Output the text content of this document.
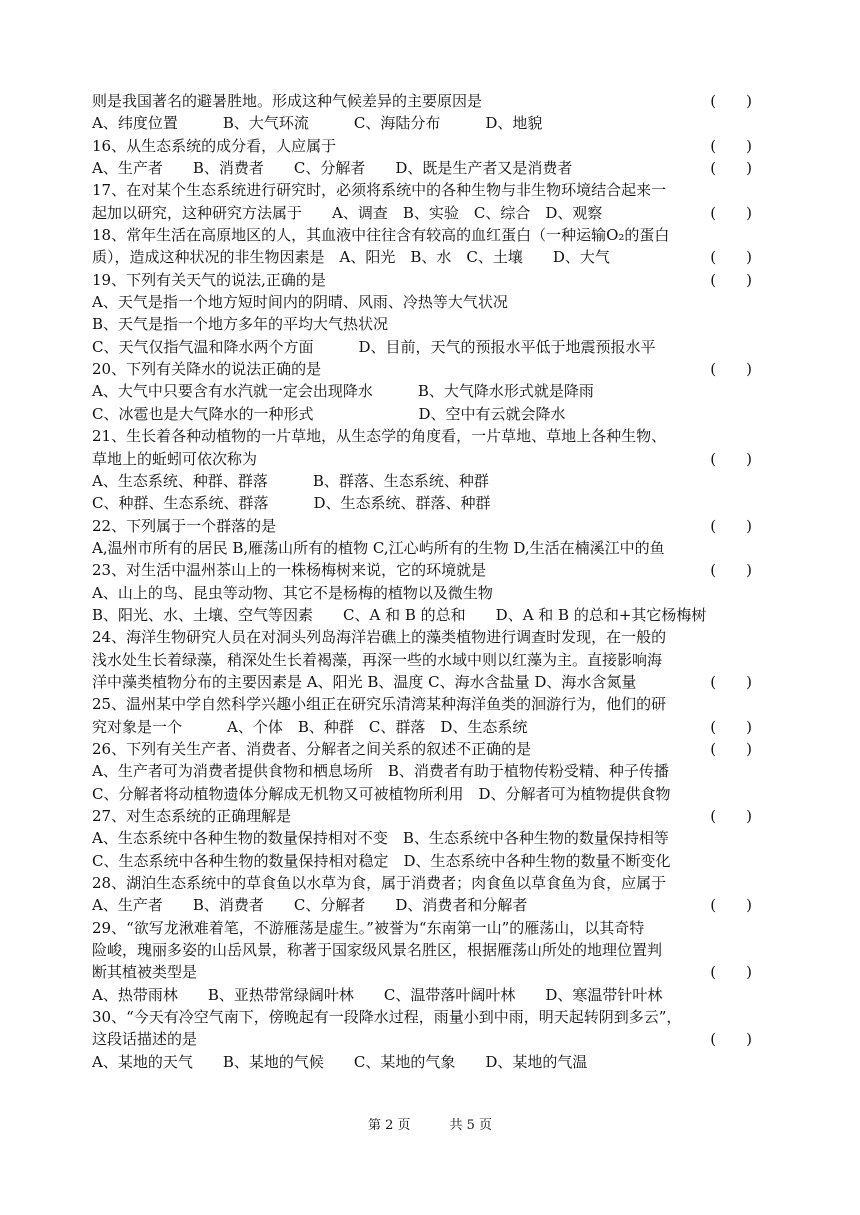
则是我国著名的避暑胜地。形成这种气候差异的主要原因是	(　　)
A、纬度位置　　　B、大气环流　　　C、海陆分布　　　D、地貌
16、从生态系统的成分看，人应属于	(　　)
A、生产者　　B、消费者　　C、分解者　　D、既是生产者又是消费者	(　　)
17、在对某个生态系统进行研究时，必须将系统中的各种生物与非生物环境结合起来一
起加以研究，这种研究方法属于　　A、调查　B、实验　C、综合　D、观察	(　　)
18、常年生活在高原地区的人，其血液中往往含有较高的血红蛋白（一种运输O₂的蛋白
质），造成这种状况的非生物因素是　A、阳光　B、水　C、土壤　　D、大气	(　　)
19、下列有关天气的说法,正确的是	(　　)
A、天气是指一个地方短时间内的阴晴、风雨、冷热等大气状况
B、天气是指一个地方多年的平均大气热状况
C、天气仅指气温和降水两个方面　　　D、目前，天气的预报水平低于地震预报水平
20、下列有关降水的说法正确的是	(　　)
A、大气中只要含有水汽就一定会出现降水　　　B、大气降水形式就是降雨
C、冰雹也是大气降水的一种形式　　　　　　　D、空中有云就会降水
21、生长着各种动植物的一片草地，从生态学的角度看，一片草地、草地上各种生物、
草地上的蚯蚓可依次称为	(　　)
A、生态系统、种群、群落　　　B、群落、生态系统、种群
C、种群、生态系统、群落　　　D、生态系统、群落、种群
22、下列属于一个群落的是	(　　)
A,温州市所有的居民 B,雁荡山所有的植物 C,江心屿所有的生物 D,生活在楠溪江中的鱼
23、对生活中温州茶山上的一株杨梅树来说，它的环境就是	(　　)
A、山上的鸟、昆虫等动物、其它不是杨梅的植物以及微生物
B、阳光、水、土壤、空气等因素　　C、A 和 B 的总和　　D、A 和 B 的总和+其它杨梅树
24、海洋生物研究人员在对洞头列岛海洋岩礁上的藻类植物进行调查时发现，在一般的
浅水处生长着绿藻，稍深处生长着褐藻，再深一些的水域中则以红藻为主。直接影响海
洋中藻类植物分布的主要因素是 A、阳光 B、温度 C、海水含盐量 D、海水含氮量	(　　)
25、温州某中学自然科学兴趣小组正在研究乐清湾某种海洋鱼类的洄游行为，他们的研
究对象是一个　　　A、个体　B、种群　C、群落　D、生态系统	(　　)
26、下列有关生产者、消费者、分解者之间关系的叙述不正确的是	(　　)
A、生产者可为消费者提供食物和栖息场所　B、消费者有助于植物传粉受精、种子传播
C、分解者将动植物遗体分解成无机物又可被植物所利用　D、分解者可为植物提供食物
27、对生态系统的正确理解是	(　　)
A、生态系统中各种生物的数量保持相对不变　B、生态系统中各种生物的数量保持相等
C、生态系统中各种生物的数量保持相对稳定　D、生态系统中各种生物的数量不断变化
28、湖泊生态系统中的草食鱼以水草为食，属于消费者；肉食鱼以草食鱼为食，应属于
A、生产者　　B、消费者　　C、分解者　　D、消费者和分解者	(　　)
29、“欲写龙湫难着笔，不游雁荡是虚生。”被誉为“东南第一山”的雁荡山，以其奇特
险峻，瑰丽多姿的山岳风景，称著于国家级风景名胜区，根据雁荡山所处的地理位置判
断其植被类型是	(　　)
A、热带雨林　　B、亚热带常绿阔叶林　　C、温带落叶阔叶林　　D、寒温带针叶林
30、“今天有冷空气南下，傍晚起有一段降水过程，雨量小到中雨，明天起转阴到多云”，
这段话描述的是	(　　)
A、某地的天气　　B、某地的气候　　C、某地的气象　　D、某地的气温
第 2 页　　　共 5 页
